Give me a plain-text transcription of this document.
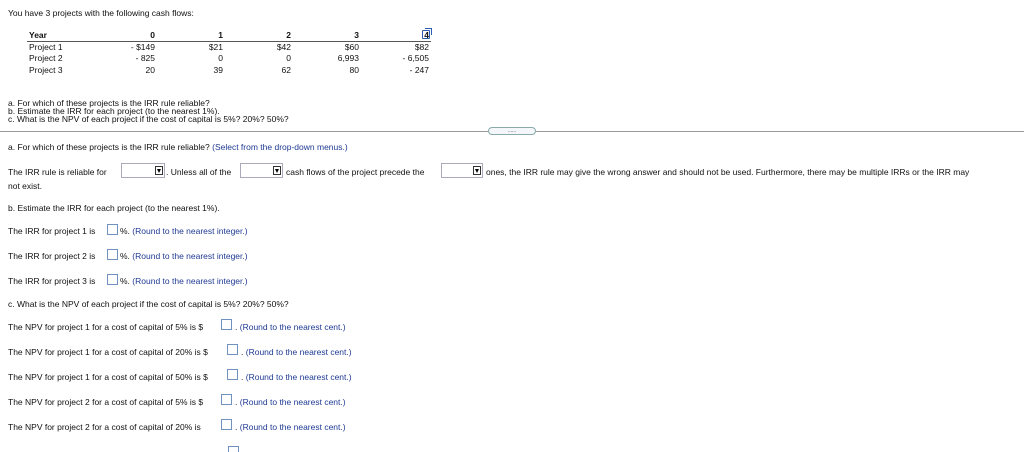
You have 3 projects with the following cash flows:
Year	0	1	2	3	4
Project 1	- $149	$21	$42	$60	$82
Project 2	- 825	0	0	6,993	- 6,505
Project 3	20	39	62	80	- 247
a. For which of these projects is the IRR rule reliable?
b. Estimate the IRR for each project (to the nearest 1%).
c. What is the NPV of each project if the cost of capital is 5%? 20%? 50%?
......
a. For which of these projects is the IRR rule reliable? (Select from the drop-down menus.)
The IRR rule is reliable for	. Unless all of the	cash flows of the project precede the	ones, the IRR rule may give the wrong answer and should not be used. Furthermore, there may be multiple IRRs or the IRR may
not exist.
b. Estimate the IRR for each project (to the nearest 1%).
The IRR for project 1 is	%. (Round to the nearest integer.)
The IRR for project 2 is	%. (Round to the nearest integer.)
The IRR for project 3 is	%. (Round to the nearest integer.)
c. What is the NPV of each project if the cost of capital is 5%? 20%? 50%?
The NPV for project 1 for a cost of capital of 5% is $	. (Round to the nearest cent.)
The NPV for project 1 for a cost of capital of 20% is $	. (Round to the nearest cent.)
The NPV for project 1 for a cost of capital of 50% is $	. (Round to the nearest cent.)
The NPV for project 2 for a cost of capital of 5% is $	. (Round to the nearest cent.)
The NPV for project 2 for a cost of capital of 20% is	. (Round to the nearest cent.)
